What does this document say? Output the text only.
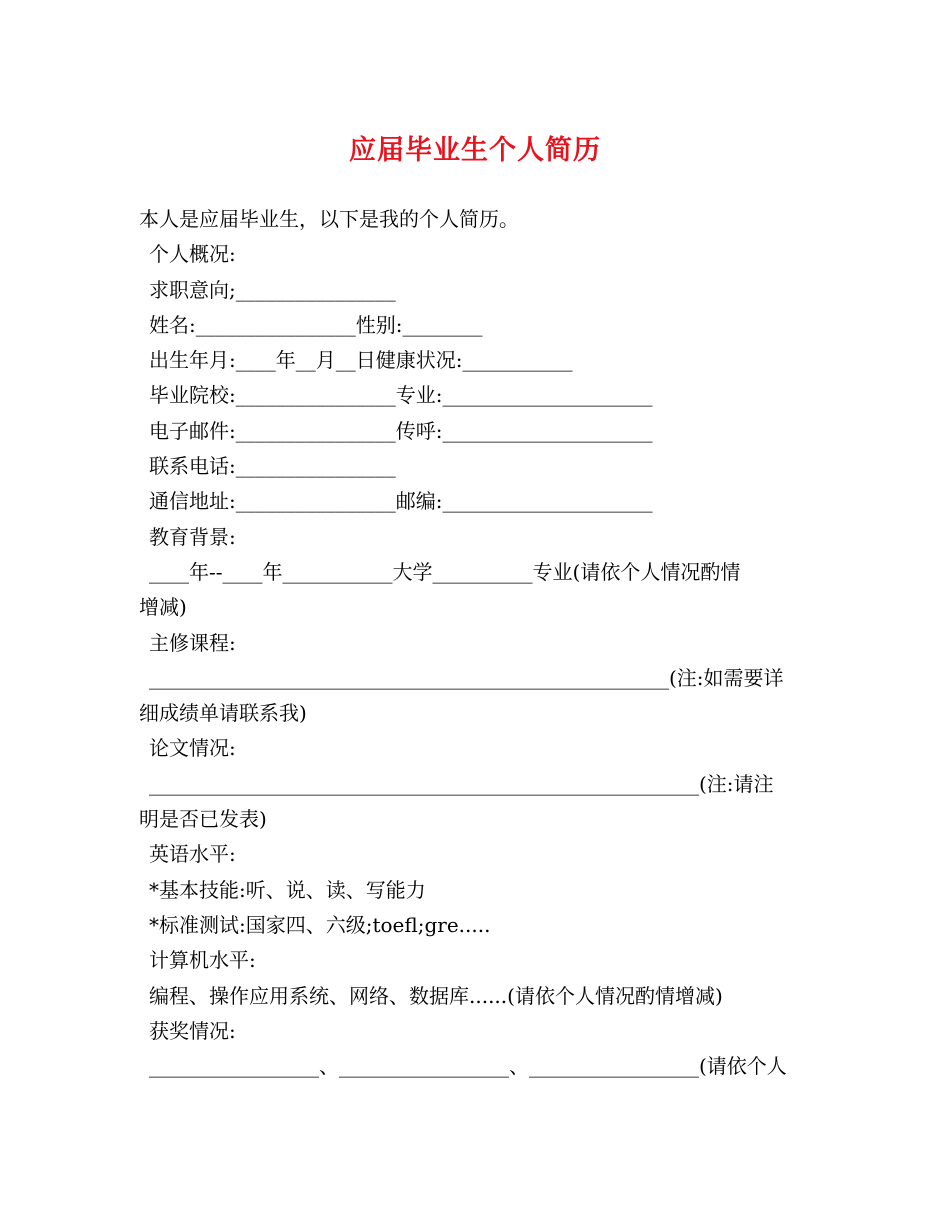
应届毕业生个人简历
本人是应届毕业生，以下是我的个人简历。
个人概况:
求职意向;________________
姓名:________________性别:________
出生年月:____年__月__日健康状况:___________
毕业院校:________________专业:_____________________
电子邮件:________________传呼:_____________________
联系电话:________________
通信地址:________________邮编:_____________________
教育背景:
____年--____年___________大学__________专业(请依个人情况酌情
增减)
主修课程:
____________________________________________________(注:如需要详
细成绩单请联系我)
论文情况:
_______________________________________________________(注:请注
明是否已发表)
英语水平:
*基本技能:听、说、读、写能力
*标准测试:国家四、六级;toefl;gre.....
计算机水平:
编程、操作应用系统、网络、数据库......(请依个人情况酌情增减)
获奖情况:
_________________、_________________、_________________(请依个人
